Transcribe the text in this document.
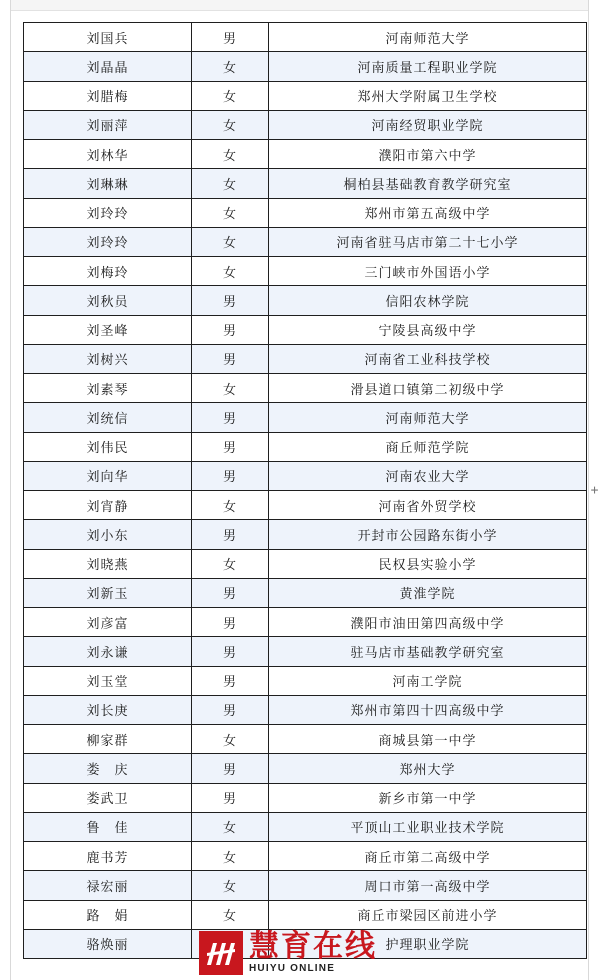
刘国兵	男	河南师范大学
刘晶晶	女	河南质量工程职业学院
刘腊梅	女	郑州大学附属卫生学校
刘丽萍	女	河南经贸职业学院
刘林华	女	濮阳市第六中学
刘琳琳	女	桐柏县基础教育教学研究室
刘玲玲	女	郑州市第五高级中学
刘玲玲	女	河南省驻马店市第二十七小学
刘梅玲	女	三门峡市外国语小学
刘秋员	男	信阳农林学院
刘圣峰	男	宁陵县高级中学
刘树兴	男	河南省工业科技学校
刘素琴	女	滑县道口镇第二初级中学
刘统信	男	河南师范大学
刘伟民	男	商丘师范学院
刘向华	男	河南农业大学
刘宵静	女	河南省外贸学校
刘小东	男	开封市公园路东街小学
刘晓燕	女	民权县实验小学
刘新玉	男	黄淮学院
刘彦富	男	濮阳市油田第四高级中学
刘永谦	男	驻马店市基础教学研究室
刘玉堂	男	河南工学院
刘长庚	男	郑州市第四十四高级中学
柳家群	女	商城县第一中学
娄　庆	男	郑州大学
娄武卫	男	新乡市第一中学
鲁　佳	女	平顶山工业职业技术学院
鹿书芳	女	商丘市第二高级中学
禄宏丽	女	周口市第一高级中学
路　娟	女	商丘市梁园区前进小学
骆焕丽		护理职业学院
+
慧育在线
HUIYU ONLINE
